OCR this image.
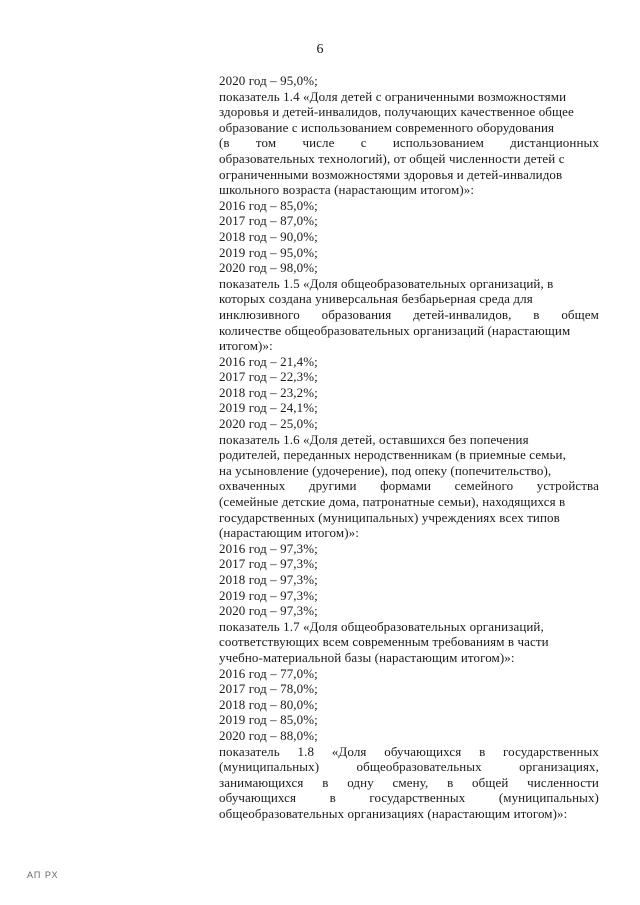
6
2020 год – 95,0%;
показатель 1.4 «Доля детей с ограниченными возможностями
здоровья и детей-инвалидов, получающих качественное общее
образование с использованием современного оборудования
(в том числе с использованием дистанционных
образовательных технологий), от общей численности детей с
ограниченными возможностями здоровья и детей-инвалидов
школьного возраста (нарастающим итогом)»:
2016 год – 85,0%;
2017 год – 87,0%;
2018 год – 90,0%;
2019 год – 95,0%;
2020 год – 98,0%;
показатель 1.5 «Доля общеобразовательных организаций, в
которых создана универсальная безбарьерная среда для
инклюзивного образования детей-инвалидов, в общем
количестве общеобразовательных организаций (нарастающим
итогом)»:
2016 год – 21,4%;
2017 год – 22,3%;
2018 год – 23,2%;
2019 год – 24,1%;
2020 год – 25,0%;
показатель 1.6 «Доля детей, оставшихся без попечения
родителей, переданных неродственникам (в приемные семьи,
на усыновление (удочерение), под опеку (попечительство),
охваченных другими формами семейного устройства
(семейные детские дома, патронатные семьи), находящихся в
государственных (муниципальных) учреждениях всех типов
(нарастающим итогом)»:
2016 год – 97,3%;
2017 год – 97,3%;
2018 год – 97,3%;
2019 год – 97,3%;
2020 год – 97,3%;
показатель 1.7 «Доля общеобразовательных организаций,
соответствующих всем современным требованиям в части
учебно-материальной базы (нарастающим итогом)»:
2016 год – 77,0%;
2017 год – 78,0%;
2018 год – 80,0%;
2019 год – 85,0%;
2020 год – 88,0%;
показатель 1.8 «Доля обучающихся в государственных
(муниципальных)	общеобразовательных	организациях,
занимающихся в одну смену, в общей численности
обучающихся	в	государственных	(муниципальных)
общеобразовательных организациях (нарастающим итогом)»:
АП РХ
